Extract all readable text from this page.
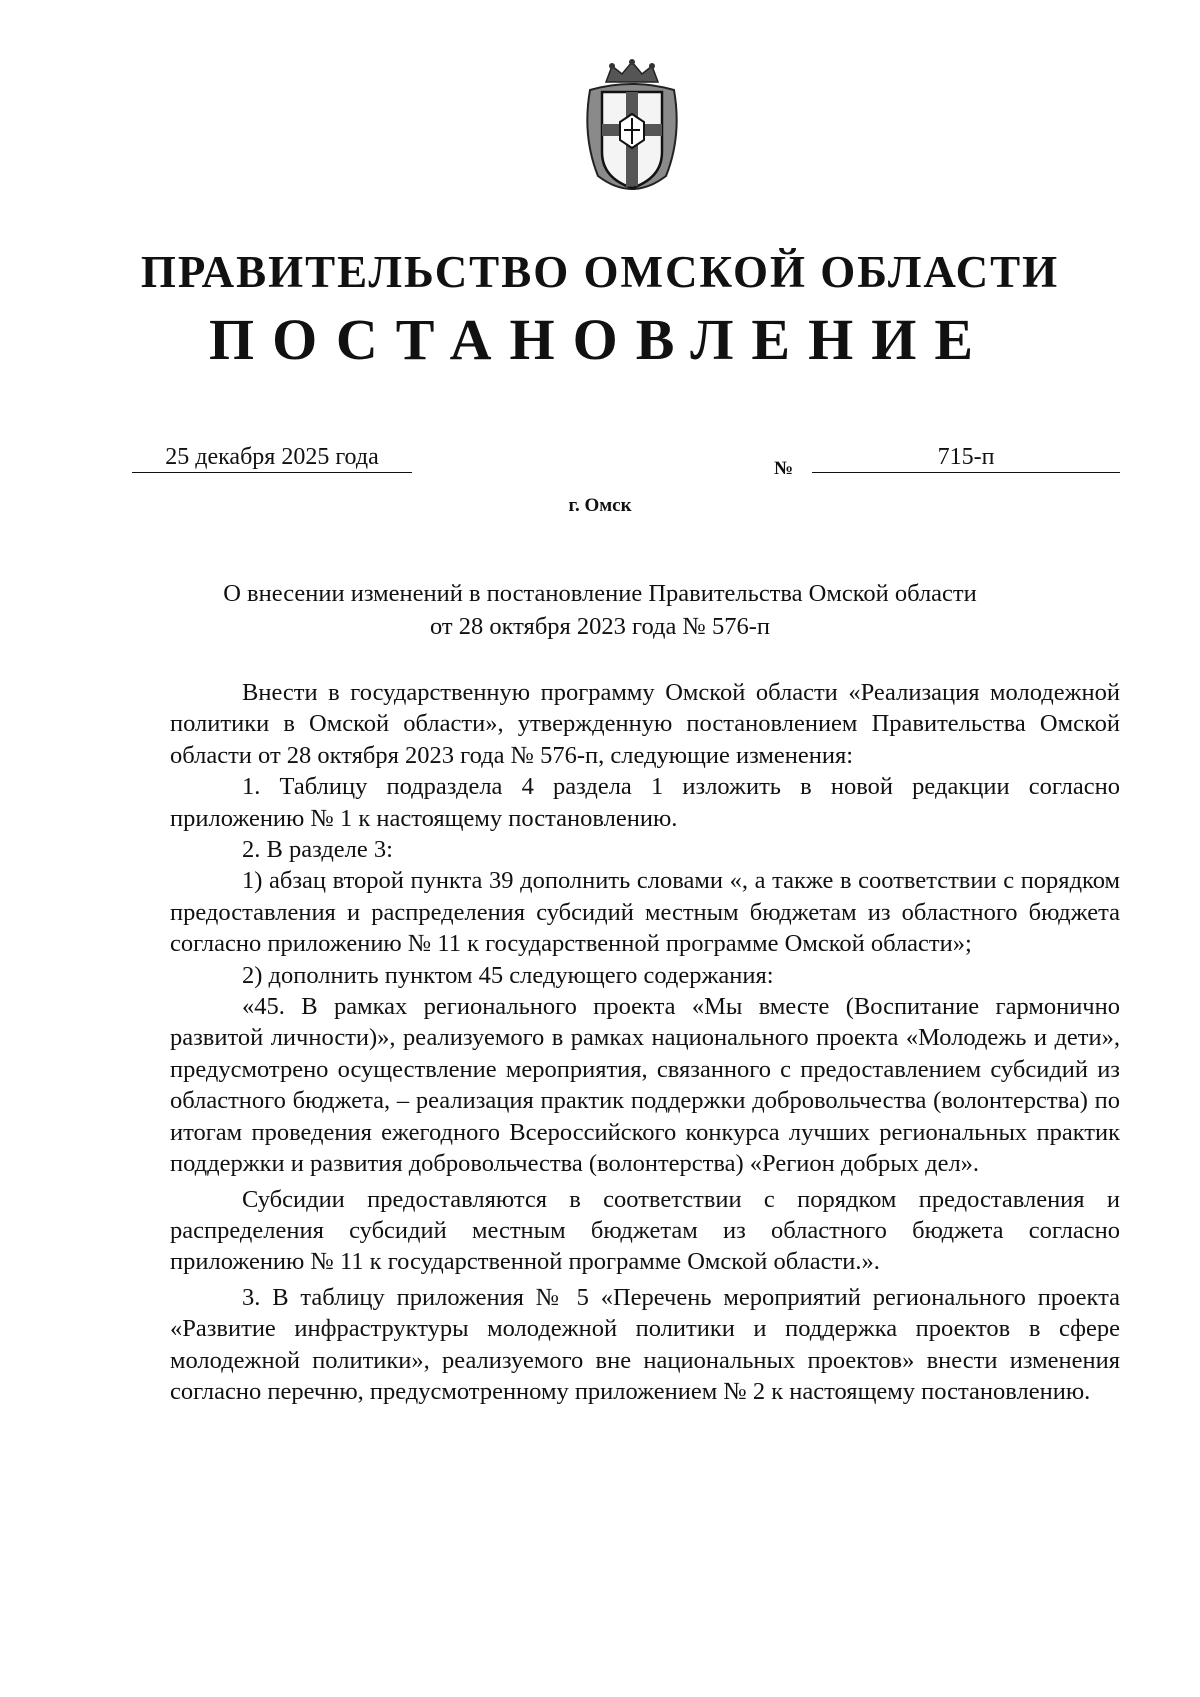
ПРАВИТЕЛЬСТВО ОМСКОЙ ОБЛАСТИ
ПОСТАНОВЛЕНИЕ
25 декабря 2025 года	№	715-п
г. Омск
О внесении изменений в постановление Правительства Омской области
от 28 октября 2023 года № 576-п

Внести в государственную программу Омской области «Реализация молодежной политики в Омской области», утвержденную постановлением Правительства Омской области от 28 октября 2023 года № 576-п, следующие изменения:

1. Таблицу подраздела 4 раздела 1 изложить в новой редакции согласно приложению № 1 к настоящему постановлению.

2. В разделе 3:

1) абзац второй пункта 39 дополнить словами «, а также в соответствии с порядком предоставления и распределения субсидий местным бюджетам из областного бюджета согласно приложению № 11 к государственной программе Омской области»;

2) дополнить пунктом 45 следующего содержания:

«45. В рамках регионального проекта «Мы вместе (Воспитание гармонично развитой личности)», реализуемого в рамках национального проекта «Молодежь и дети», предусмотрено осуществление мероприятия, связанного с предоставлением субсидий из областного бюджета, – реализация практик поддержки добровольчества (волонтерства) по итогам проведения ежегодного Всероссийского конкурса лучших региональных практик поддержки и развития добровольчества (волонтерства) «Регион добрых дел».

Субсидии предоставляются в соответствии с порядком предоставления и распределения субсидий местным бюджетам из областного бюджета согласно приложению № 11 к государственной программе Омской области.».

3. В таблицу приложения № 5 «Перечень мероприятий регионального проекта «Развитие инфраструктуры молодежной политики и поддержка проектов в сфере молодежной политики», реализуемого вне национальных проектов» внести изменения согласно перечню, предусмотренному приложением № 2 к настоящему постановлению.
